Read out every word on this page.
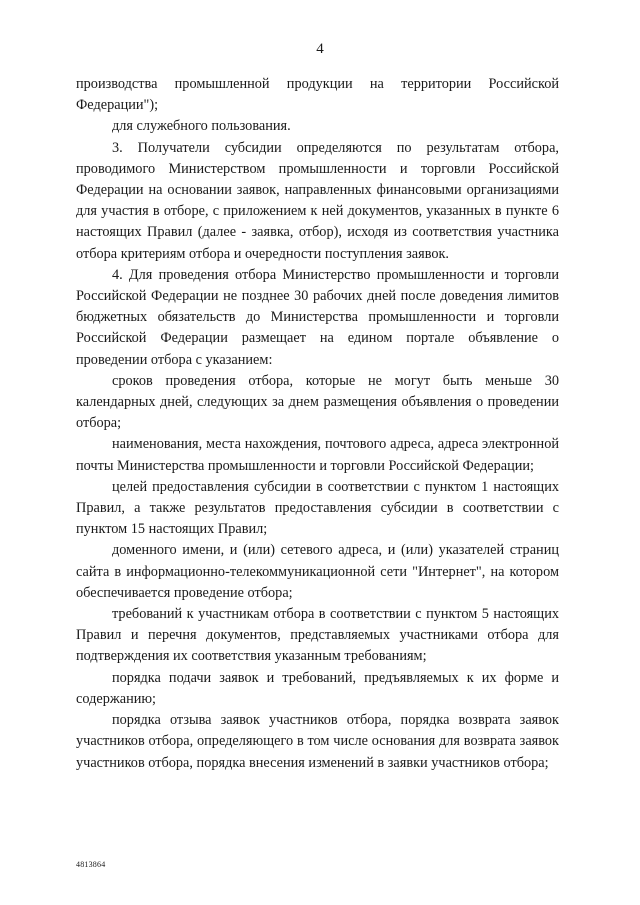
4

производства промышленной продукции на территории Российской Федерации");

для служебного пользования.

3. Получатели субсидии определяются по результатам отбора, проводимого Министерством промышленности и торговли Российской Федерации на основании заявок, направленных финансовыми организациями для участия в отборе, с приложением к ней документов, указанных в пункте 6 настоящих Правил (далее - заявка, отбор), исходя из соответствия участника отбора критериям отбора и очередности поступления заявок.

4. Для проведения отбора Министерство промышленности и торговли Российской Федерации не позднее 30 рабочих дней после доведения лимитов бюджетных обязательств до Министерства промышленности и торговли Российской Федерации размещает на едином портале объявление о проведении отбора с указанием:

сроков проведения отбора, которые не могут быть меньше 30 календарных дней, следующих за днем размещения объявления о проведении отбора;

наименования, места нахождения, почтового адреса, адреса электронной почты Министерства промышленности и торговли Российской Федерации;

целей предоставления субсидии в соответствии с пунктом 1 настоящих Правил, а также результатов предоставления субсидии в соответствии с пунктом 15 настоящих Правил;

доменного имени, и (или) сетевого адреса, и (или) указателей страниц сайта в информационно-телекоммуникационной сети "Интернет", на котором обеспечивается проведение отбора;

требований к участникам отбора в соответствии с пунктом 5 настоящих Правил и перечня документов, представляемых участниками отбора для подтверждения их соответствия указанным требованиям;

порядка подачи заявок и требований, предъявляемых к их форме и содержанию;

порядка отзыва заявок участников отбора, порядка возврата заявок участников отбора, определяющего в том числе основания для возврата заявок участников отбора, порядка внесения изменений в заявки участников отбора;

4813864
